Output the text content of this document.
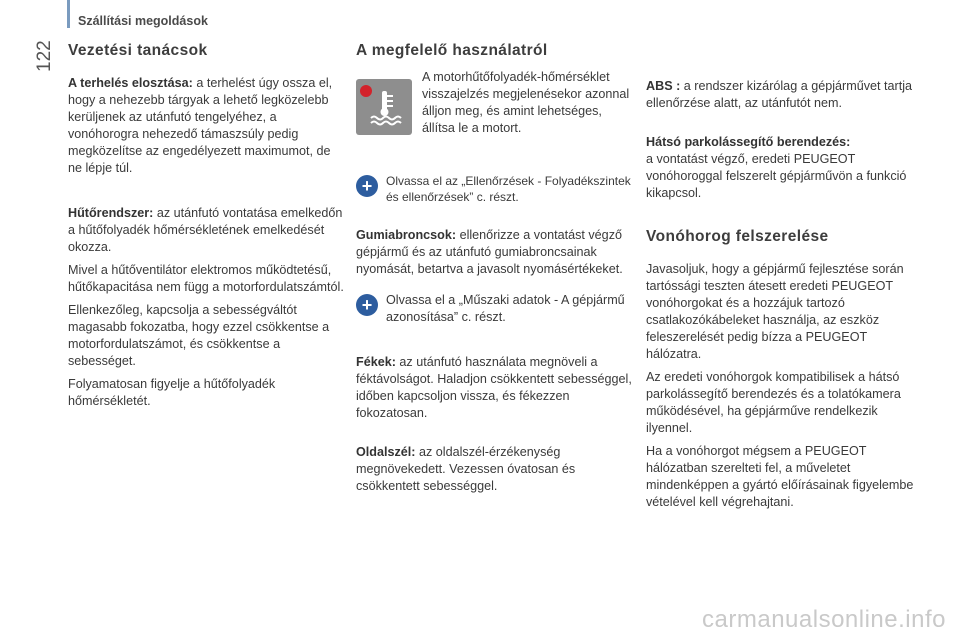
Szállítási megoldások
122 Vezetési tanácsok

A terhelés elosztása: a terhelést úgy ossza el, hogy a nehezebb tárgyak a lehető legközelebb kerüljenek az utánfutó tengelyéhez, a vonóhorogra nehezedő támaszsúly pedig megközelítse az engedélyezett maximumot, de ne lépje túl.

Hűtőrendszer: az utánfutó vontatása emelkedőn a hűtőfolyadék hőmérsékletének emelkedését okozza.

Mivel a hűtőventilátor elektromos működtetésű, hűtőkapacitása nem függ a motorfordulatszámtól.

Ellenkezőleg, kapcsolja a sebességváltót magasabb fokozatba, hogy ezzel csökkentse a motorfordulatszámot, és csökkentse a sebességet.

Folyamatosan figyelje a hűtőfolyadék hőmérsékletét.

A megfelelő használatról
A motorhűtőfolyadék-hőmérséklet visszajelzés megjelenésekor azonnal álljon meg, és amint lehetséges, állítsa le a motort.
+ Olvassa el az „Ellenőrzések - Folyadékszintek és ellenőrzések” c. részt.

Gumiabroncsok: ellenőrizze a vontatást végző gépjármű és az utánfutó gumiabroncsainak nyomását, betartva a javasolt nyomásértékeket.

+ Olvassa el a „Műszaki adatok - A gépjármű azonosítása” c. részt.

Fékek: az utánfutó használata megnöveli a féktávolságot. Haladjon csökkentett sebességgel, időben kapcsoljon vissza, és fékezzen fokozatosan.

Oldalszél: az oldalszél-érzékenység megnövekedett. Vezessen óvatosan és csökkentett sebességgel.

ABS : a rendszer kizárólag a gépjárművet tartja ellenőrzése alatt, az utánfutót nem.

Hátsó parkolássegítő berendezés:
a vontatást végző, eredeti PEUGEOT vonóhoroggal felszerelt gépjárművön a funkció kikapcsol.

Vonóhorog felszerelése

Javasoljuk, hogy a gépjármű fejlesztése során tartóssági teszten átesett eredeti PEUGEOT vonóhorgokat és a hozzájuk tartozó csatlakozókábeleket használja, az eszköz feleszerelését pedig bízza a PEUGEOT hálózatra.

Az eredeti vonóhorgok kompatibilisek a hátsó parkolássegítő berendezés és a tolatókamera működésével, ha gépjárműve rendelkezik ilyennel.

Ha a vonóhorgot mégsem a PEUGEOT hálózatban szerelteti fel, a műveletet mindenképpen a gyártó előírásainak figyelembe vételével kell végrehajtani.

carmanualsonline.info
